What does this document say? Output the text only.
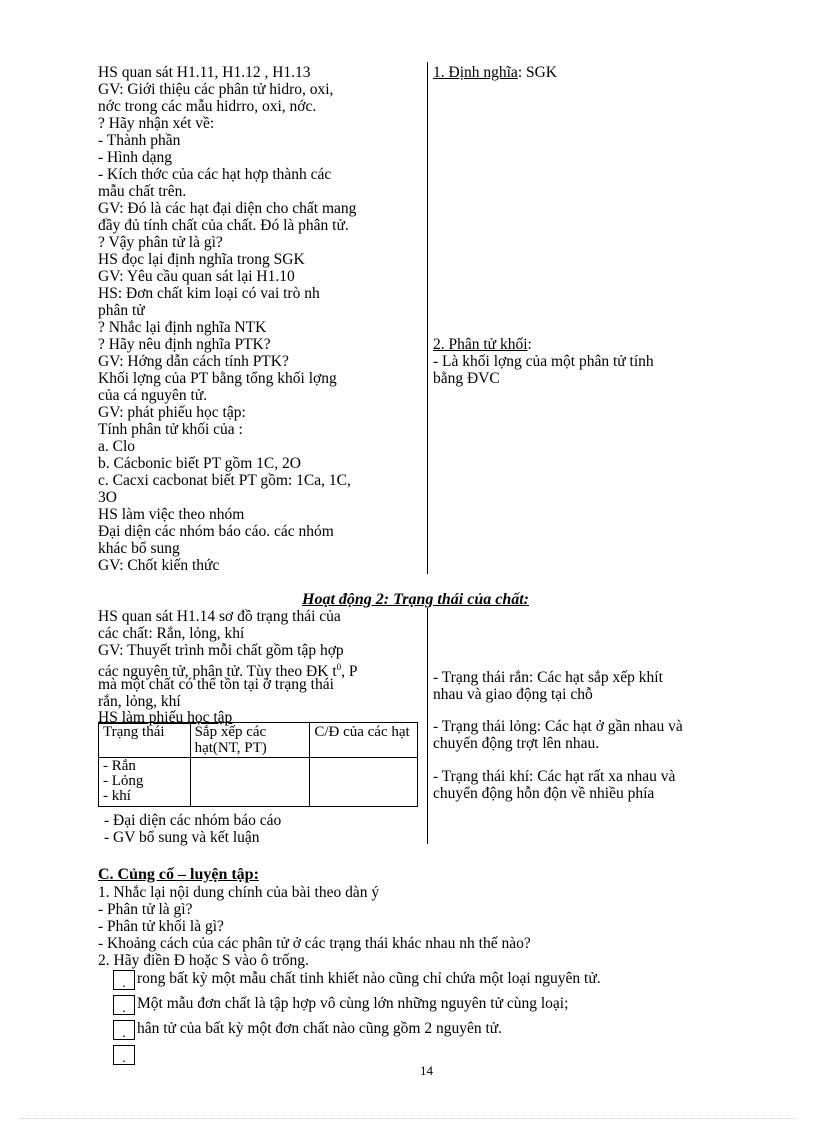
HS quan sát H1.11, H1.12 , H1.13
GV: Giới thiệu các phân tử hidro, oxi,
nớc trong các mẫu hidrro, oxi, nớc.
? Hãy nhận xét về:
- Thành phần
- Hình dạng
- Kích thớc của các hạt hợp thành các
mẫu chất trên.
GV: Đó là các hạt đại diện cho chất mang
đầy đủ tính chất của chất. Đó là phân tử.
? Vậy phân tử là gì?
HS đọc lại định nghĩa trong SGK
GV: Yêu cầu quan sát lại H1.10
HS: Đơn chất kim loại có vai trò nh
phân tử
? Nhắc lại định nghĩa NTK
? Hãy nêu định nghĩa PTK?
GV: Hớng dẫn cách tính PTK?
Khối lợng của PT bằng tổng khối lợng
của cá nguyên tử.
GV: phát phiếu học tập:
Tính phân tử khối của :
a. Clo
b. Cácbonic biết PT gồm 1C, 2O
c. Cacxi cacbonat biết PT gồm: 1Ca, 1C,
3O
HS làm việc theo nhóm
Đại diện các nhóm báo cáo. các nhóm
khác bổ sung
GV: Chốt kiến thức
1. Định nghĩa: SGK
2. Phân tử khối:
- Là khối lợng của một phân tử tính
bằng ĐVC
Hoạt động 2: Trạng thái của chất:
HS quan sát H1.14 sơ đồ trạng thái của
các chất: Rắn, lỏng, khí
GV: Thuyết trình mỗi chất gồm tập hợp
các nguyên tử, phân tử. Tùy theo ĐK $t^0$, P
mà một chất có thể tồn tại ở trạng thái
rắn, lỏng, khí
HS làm phiếu học tập
Trạng thái	Sắp xếp các hạt(NT, PT)	C/Đ của các hạt

- Rắn
- Lỏng
- khí		

- Đại diện các nhóm báo cáo
- GV bổ sung và kết luận
- Trạng thái rắn: Các hạt sắp xếp khít
nhau và giao động tại chỗ
- Trạng thái lỏng: Các hạt ở gần nhau và
chuyển động trợt lên nhau.
- Trạng thái khí: Các hạt rất xa nhau và
chuyển động hỗn độn về nhiều phía
C. Củng cố – luyện tập:
1. Nhắc lại nội dung chính của bài theo dàn ý
- Phân tử là gì?
- Phân tử khối là gì?
- Khoảng cách của các phân tử ở các trạng thái khác nhau nh thế nào?
2. Hãy điền Đ hoặc S vào ô trống.
. rong bất kỳ một mẫu chất tinh khiết nào cũng chỉ chứa một loại nguyên tử.
. Một mẫu đơn chất là tập hợp vô cùng lớn những nguyên tử cùng loại;
. hân tử của bất kỳ một đơn chất nào cũng gồm 2 nguyên tử.
.
14
